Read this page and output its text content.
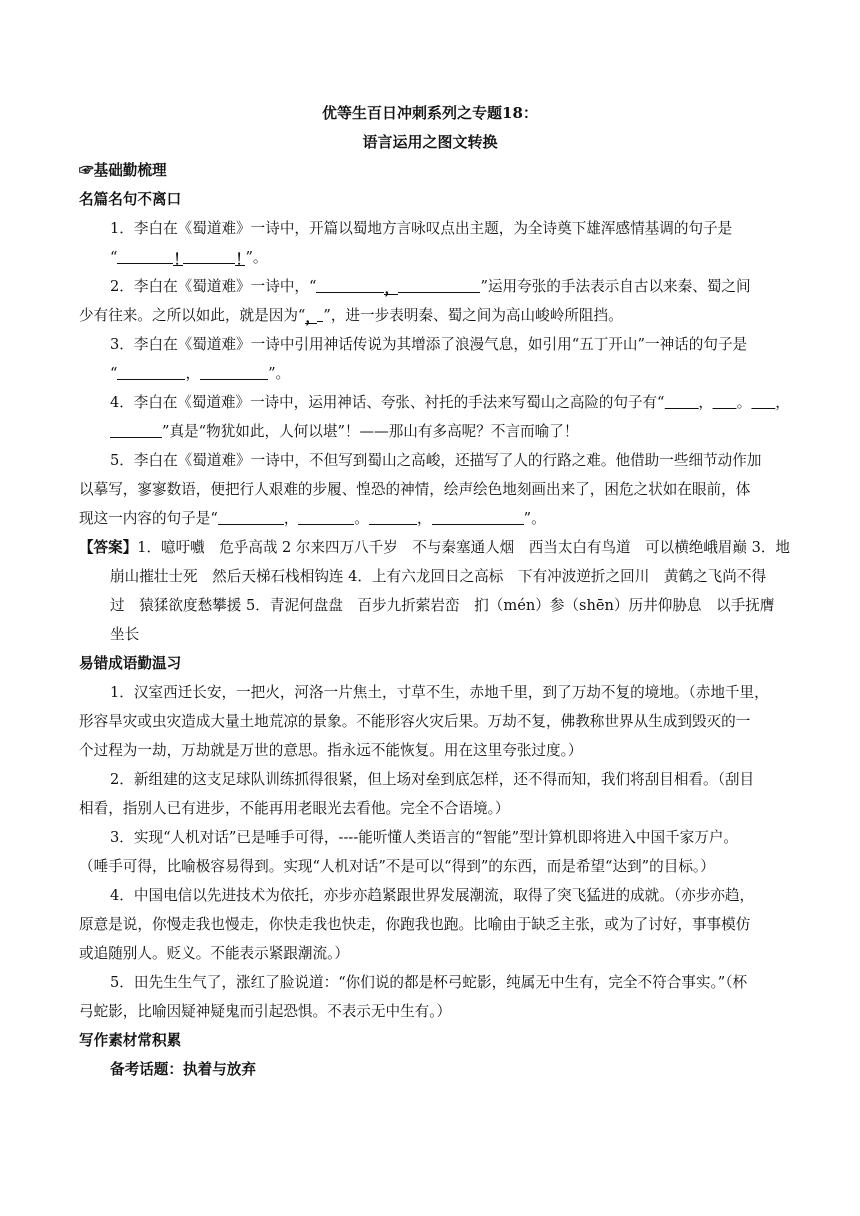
优等生百日冲刺系列之专题18：
语言运用之图文转换
☞基础勤梳理
名篇名句不离口
1．李白在《蜀道难》一诗中，开篇以蜀地方言咏叹点出主题，为全诗奠下雄浑感情基调的句子是
“	！	！”。
2．李白在《蜀道难》一诗中，“	，	”运用夸张的手法表示自古以来秦、蜀之间
少有往来。之所以如此，就是因为“， ”，进一步表明秦、蜀之间为高山峻岭所阻挡。
3．李白在《蜀道难》一诗中引用神话传说为其增添了浪漫气息，如引用“五丁开山”一神话的句子是
“	，	”。
4．李白在《蜀道难》一诗中，运用神话、夸张、衬托的手法来写蜀山之高险的句子有“ ， 。 ，
”真是“物犹如此，人何以堪”！——那山有多高呢？不言而喻了！
5．李白在《蜀道难》一诗中，不但写到蜀山之高峻，还描写了人的行路之难。他借助一些细节动作加
以摹写，寥寥数语，便把行人艰难的步履、惶恐的神情，绘声绘色地刻画出来了，困危之状如在眼前，体
现这一内容的句子是“	，	。	，	”。
【答案】1．噫吁嚱　危乎高哉 2 尔来四万八千岁　不与秦塞通人烟　西当太白有鸟道　可以横绝峨眉巅 3．地
崩山摧壮士死　然后天梯石栈相钩连 4．上有六龙回日之高标　下有冲波逆折之回川　黄鹤之飞尚不得
过　猿猱欲度愁攀援 5．青泥何盘盘　百步九折萦岩峦　扪（mén）参（shēn）历井仰胁息　以手抚膺
坐长
易错成语勤温习
1．汉室西迁长安，一把火，河洛一片焦土，寸草不生，赤地千里，到了万劫不复的境地。（赤地千里，
形容旱灾或虫灾造成大量土地荒凉的景象。不能形容火灾后果。万劫不复，佛教称世界从生成到毁灭的一
个过程为一劫，万劫就是万世的意思。指永远不能恢复。用在这里夸张过度。）
2．新组建的这支足球队训练抓得很紧，但上场对垒到底怎样，还不得而知，我们将刮目相看。（刮目
相看，指别人已有进步，不能再用老眼光去看他。完全不合语境。）
3．实现“人机对话”已是唾手可得，----能听懂人类语言的“智能”型计算机即将进入中国千家万户。
（唾手可得，比喻极容易得到。实现“人机对话”不是可以“得到”的东西，而是希望“达到”的目标。）
4．中国电信以先进技术为依托，亦步亦趋紧跟世界发展潮流，取得了突飞猛进的成就。（亦步亦趋，
原意是说，你慢走我也慢走，你快走我也快走，你跑我也跑。比喻由于缺乏主张，或为了讨好，事事模仿
或追随别人。贬义。不能表示紧跟潮流。）
5．田先生生气了，涨红了脸说道：“你们说的都是杯弓蛇影，纯属无中生有，完全不符合事实。”（杯
弓蛇影，比喻因疑神疑鬼而引起恐惧。不表示无中生有。）
写作素材常积累
备考话题：执着与放弃
